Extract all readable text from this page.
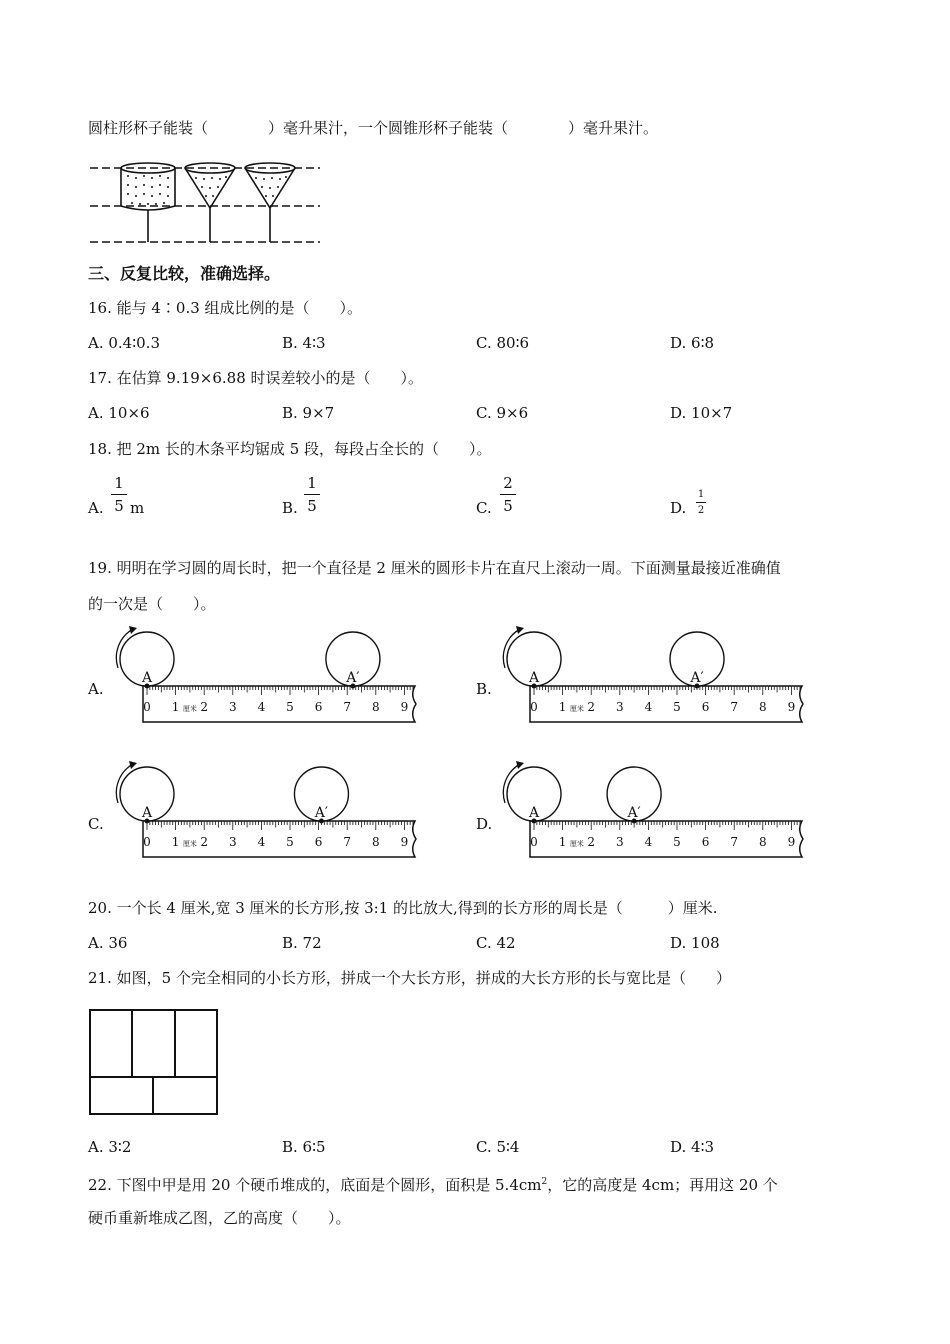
圆柱形杯子能装（　　　　）毫升果汁，一个圆锥形杯子能装（　　　　）毫升果汁。
三、反复比较，准确选择。
16. 能与 4∶0.3 组成比例的是（　　）。
A. 0.4∶0.3	B. 4∶3	C. 80∶6	D. 6∶8
17. 在估算 9.19×6.88 时误差较小的是（　　）。
A. 10×6	B. 9×7	C. 9×6	D. 10×7
18. 把 2m 长的木条平均锯成 5 段，每段占全长的（　　）。
A.
1
5 m	B.
1
5	C.
2
5	D.
1
2
19. 明明在学习圆的周长时，把一个直径是 2 厘米的圆形卡片在直尺上滚动一周。下面测量最接近准确值
的一次是（　　）。
A.	B.
C.	D.
0 1 2 3 4 5 6 7 8 9
厘米
A	A′
0 1 2 3 4 5 6 7 8 9
厘米
A	A′
0 1 2 3 4 5 6 7 8 9
厘米
A	A′
0 1 2 3 4 5 6 7 8 9
厘米
A	A′
20. 一个长 4 厘米,宽 3 厘米的长方形,按 3:1 的比放大,得到的长方形的周长是（　　　）厘米.
A. 36	B. 72	C. 42	D. 108
21. 如图，5 个完全相同的小长方形，拼成一个大长方形，拼成的大长方形的长与宽比是（　　）
A. 3∶2	B. 6∶5	C. 5∶4	D. 4∶3
22. 下图中甲是用 20 个硬币堆成的，底面是个圆形，面积是 $5.4cm^2$，它的高度是 4cm；再用这 20 个
硬币重新堆成乙图，乙的高度（　　）。
